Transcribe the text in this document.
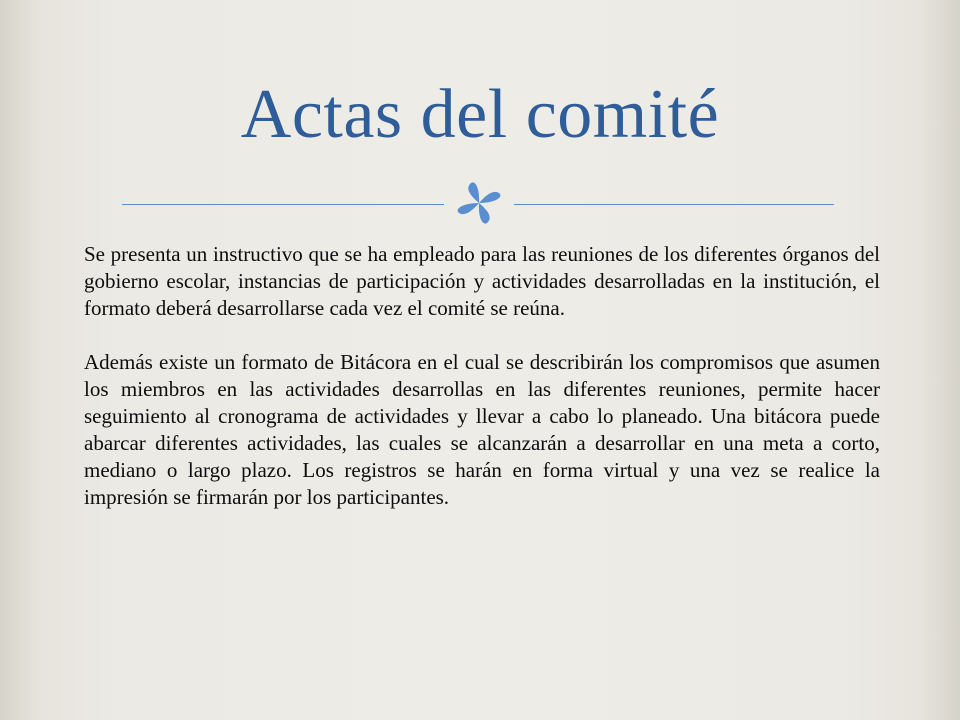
Actas del comité

Se presenta un instructivo que se ha empleado para las reuniones de los diferentes órganos del gobierno escolar, instancias de participación y actividades desarrolladas en la institución, el formato deberá desarrollarse cada vez el comité se reúna.

Además existe un formato de Bitácora en el cual se describirán los compromisos que asumen los miembros en las actividades desarrollas en las diferentes reuniones, permite hacer seguimiento al cronograma de actividades y llevar a cabo lo planeado. Una bitácora puede abarcar diferentes actividades, las cuales se alcanzarán a desarrollar en una meta a corto, mediano o largo plazo. Los registros se harán en forma virtual y una vez se realice la impresión se firmarán por los participantes.
